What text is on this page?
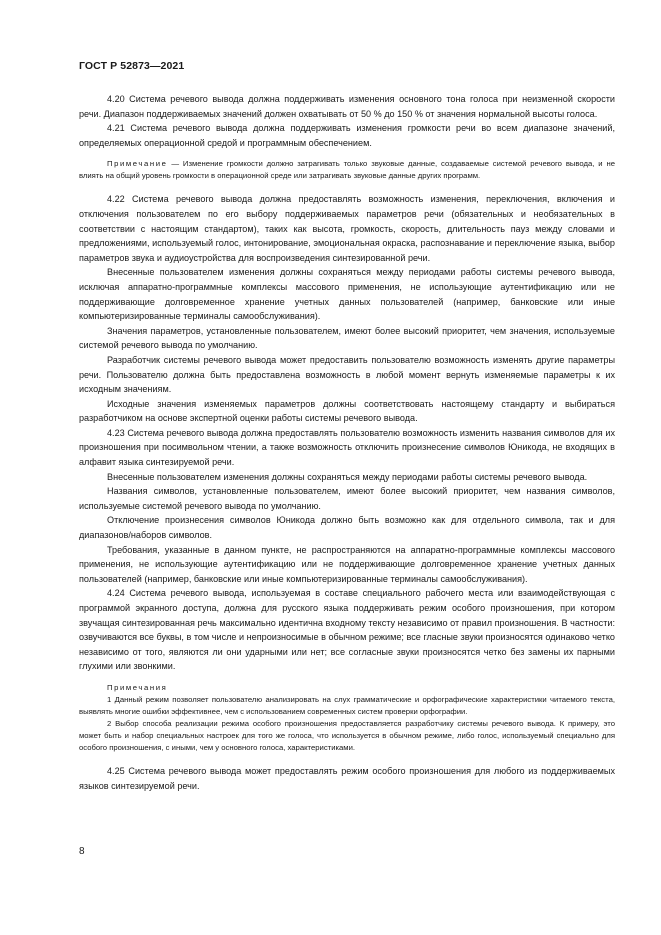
ГОСТ Р 52873—2021

4.20 Система речевого вывода должна поддерживать изменения основного тона голоса при неизменной скорости речи. Диапазон поддерживаемых значений должен охватывать от 50 % до 150 % от значения нормальной высоты голоса.

4.21 Система речевого вывода должна поддерживать изменения громкости речи во всем диапазоне значений, определяемых операционной средой и программным обеспечением.

Примечание — Изменение громкости должно затрагивать только звуковые данные, создаваемые системой речевого вывода, и не влиять на общий уровень громкости в операционной среде или затрагивать звуковые данные других программ.

4.22 Система речевого вывода должна предоставлять возможность изменения, переключения, включения и отключения пользователем по его выбору поддерживаемых параметров речи (обязательных и необязательных в соответствии с настоящим стандартом), таких как высота, громкость, скорость, длительность пауз между словами и предложениями, используемый голос, интонирование, эмоциональная окраска, распознавание и переключение языка, выбор параметров звука и аудиоустройства для воспроизведения синтезированной речи.

Внесенные пользователем изменения должны сохраняться между периодами работы системы речевого вывода, исключая аппаратно-программные комплексы массового применения, не использующие аутентификацию или не поддерживающие долговременное хранение учетных данных пользователей (например, банковские или иные компьютеризированные терминалы самообслуживания).

Значения параметров, установленные пользователем, имеют более высокий приоритет, чем значения, используемые системой речевого вывода по умолчанию.

Разработчик системы речевого вывода может предоставить пользователю возможность изменять другие параметры речи. Пользователю должна быть предоставлена возможность в любой момент вернуть изменяемые параметры к их исходным значениям.

Исходные значения изменяемых параметров должны соответствовать настоящему стандарту и выбираться разработчиком на основе экспертной оценки работы системы речевого вывода.

4.23 Система речевого вывода должна предоставлять пользователю возможность изменить названия символов для их произношения при посимвольном чтении, а также возможность отключить произнесение символов Юникода, не входящих в алфавит языка синтезируемой речи.

Внесенные пользователем изменения должны сохраняться между периодами работы системы речевого вывода.

Названия символов, установленные пользователем, имеют более высокий приоритет, чем названия символов, используемые системой речевого вывода по умолчанию.

Отключение произнесения символов Юникода должно быть возможно как для отдельного символа, так и для диапазонов/наборов символов.

Требования, указанные в данном пункте, не распространяются на аппаратно-программные комплексы массового применения, не использующие аутентификацию или не поддерживающие долговременное хранение учетных данных пользователей (например, банковские или иные компьютеризированные терминалы самообслуживания).

4.24 Система речевого вывода, используемая в составе специального рабочего места или взаимодействующая с программой экранного доступа, должна для русского языка поддерживать режим особого произношения, при котором звучащая синтезированная речь максимально идентична входному тексту независимо от правил произношения. В частности: озвучиваются все буквы, в том числе и непроизносимые в обычном режиме; все гласные звуки произносятся одинаково четко независимо от того, являются ли они ударными или нет; все согласные звуки произносятся четко без замены их парными глухими или звонкими.

Примечания

1 Данный режим позволяет пользователю анализировать на слух грамматические и орфографические характеристики читаемого текста, выявлять многие ошибки эффективнее, чем с использованием современных систем проверки орфографии.

2 Выбор способа реализации режима особого произношения предоставляется разработчику системы речевого вывода. К примеру, это может быть и набор специальных настроек для того же голоса, что используется в обычном режиме, либо голос, используемый специально для особого произношения, с иными, чем у основного голоса, характеристиками.

4.25 Система речевого вывода может предоставлять режим особого произношения для любого из поддерживаемых языков синтезируемой речи.

8
